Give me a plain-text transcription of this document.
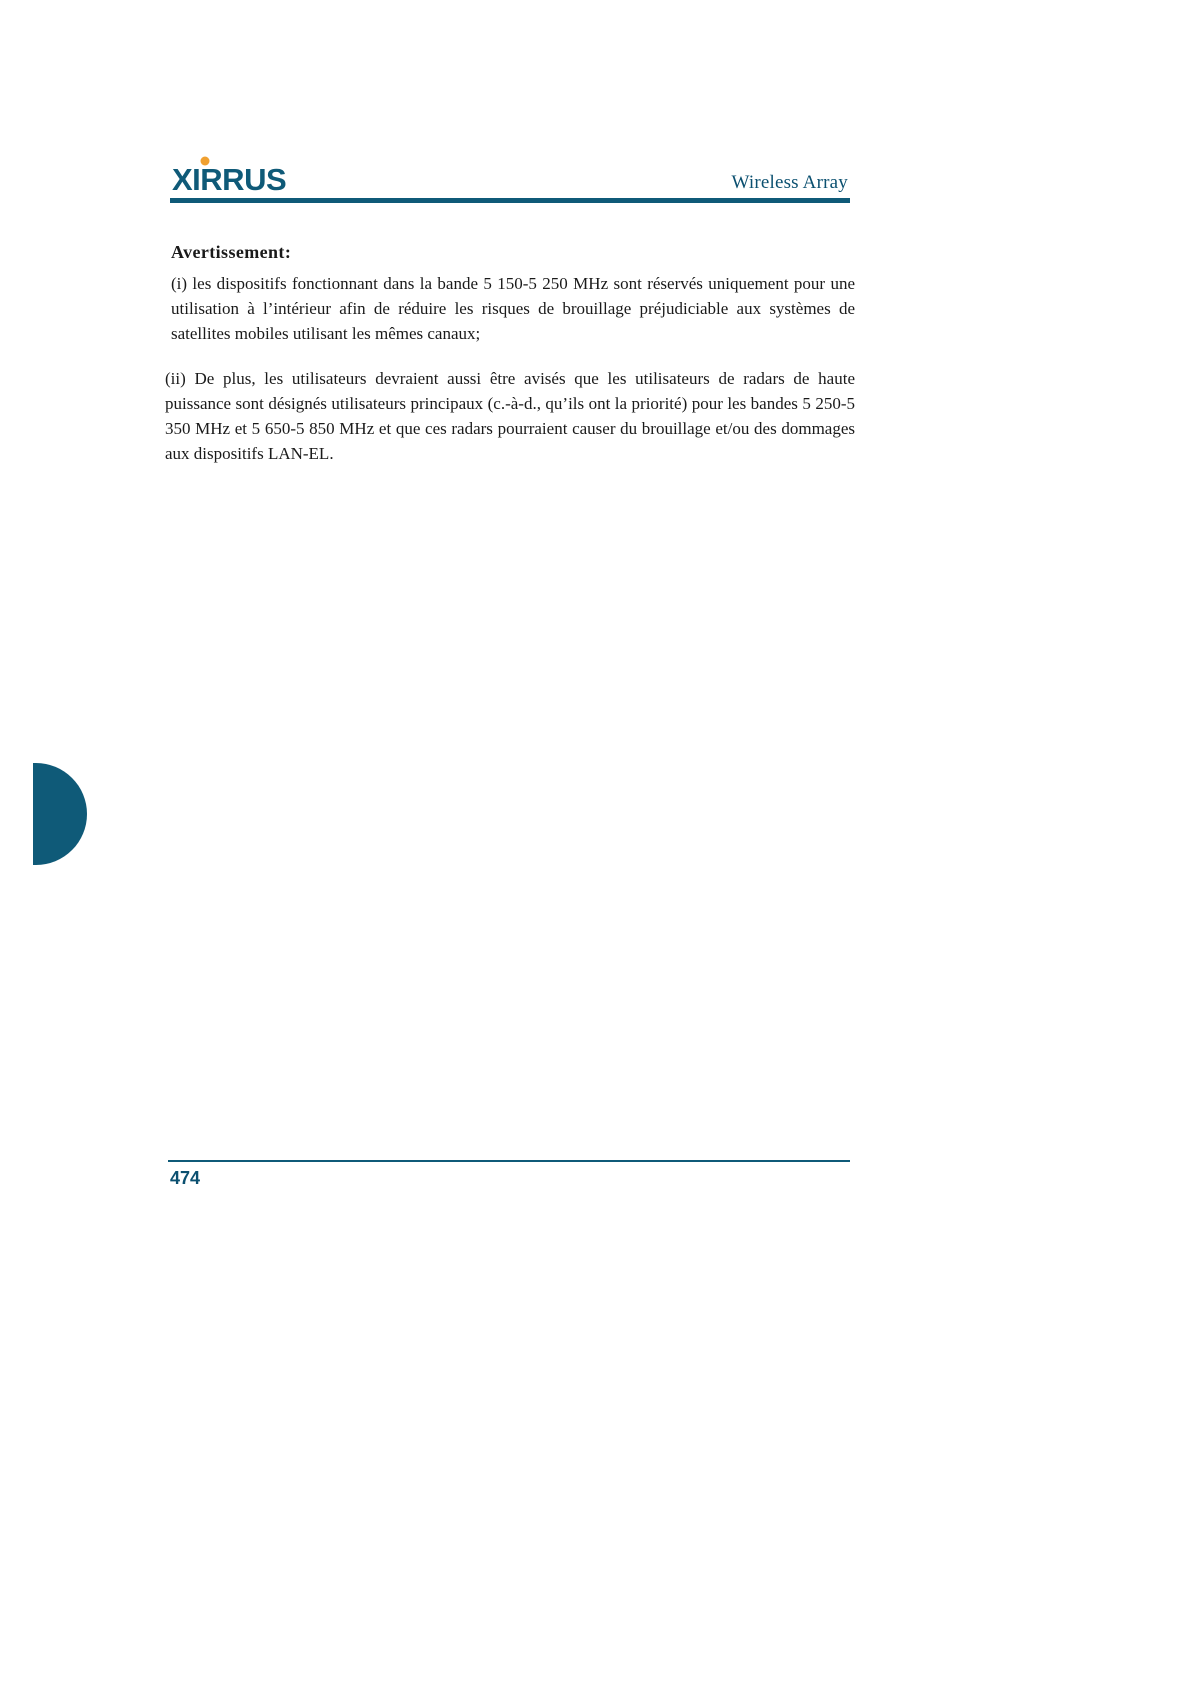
XIRRUS	Wireless Array
Avertissement:

(i) les dispositifs fonctionnant dans la bande 5 150-5 250 MHz sont réservés uniquement pour une utilisation à l’intérieur afin de réduire les risques de brouillage préjudiciable aux systèmes de satellites mobiles utilisant les mêmes canaux;

(ii) De plus, les utilisateurs devraient aussi être avisés que les utilisateurs de radars de haute puissance sont désignés utilisateurs principaux (c.-à-d., qu’ils ont la priorité) pour les bandes 5 250-5 350 MHz et 5 650-5 850 MHz et que ces radars pourraient causer du brouillage et/ou des dommages aux dispositifs LAN-EL.

474
